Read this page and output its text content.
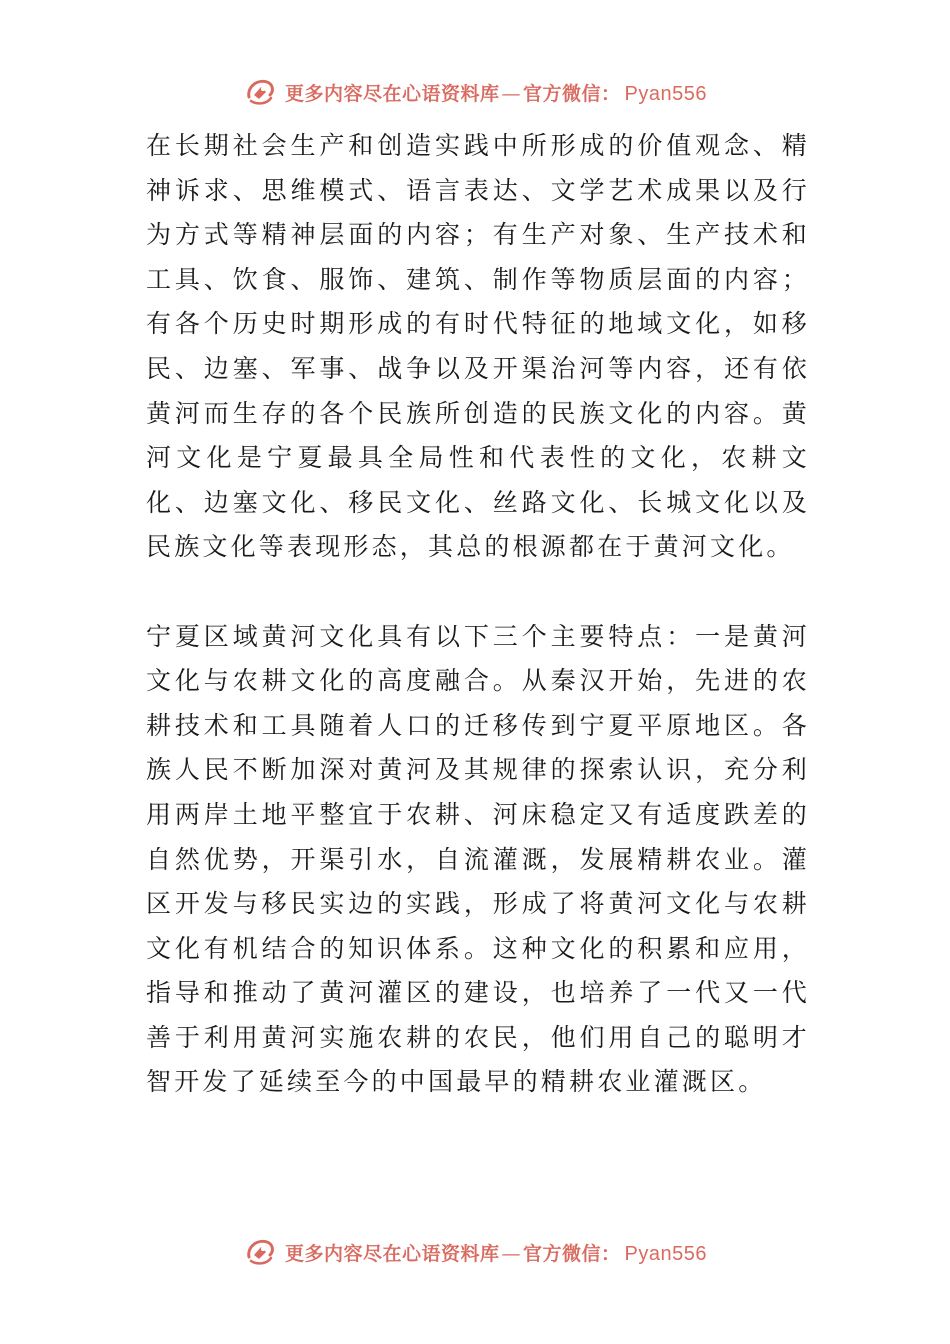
更多内容尽在心语资料库 — 官方微信： Pyan556

在长期社会生产和创造实践中所形成的价值观念、精神诉求、思维模式、语言表达、文学艺术成果以及行为方式等精神层面的内容；有生产对象、生产技术和工具、饮食、服饰、建筑、制作等物质层面的内容；有各个历史时期形成的有时代特征的地域文化，如移民、边塞、军事、战争以及开渠治河等内容，还有依黄河而生存的各个民族所创造的民族文化的内容。黄河文化是宁夏最具全局性和代表性的文化，农耕文化、边塞文化、移民文化、丝路文化、长城文化以及民族文化等表现形态，其总的根源都在于黄河文化。

宁夏区域黄河文化具有以下三个主要特点：一是黄河文化与农耕文化的高度融合。从秦汉开始，先进的农耕技术和工具随着人口的迁移传到宁夏平原地区。各族人民不断加深对黄河及其规律的探索认识，充分利用两岸土地平整宜于农耕、河床稳定又有适度跌差的自然优势，开渠引水，自流灌溉，发展精耕农业。灌区开发与移民实边的实践，形成了将黄河文化与农耕文化有机结合的知识体系。这种文化的积累和应用，指导和推动了黄河灌区的建设，也培养了一代又一代善于利用黄河实施农耕的农民，他们用自己的聪明才智开发了延续至今的中国最早的精耕农业灌溉区。

更多内容尽在心语资料库 — 官方微信： Pyan556
